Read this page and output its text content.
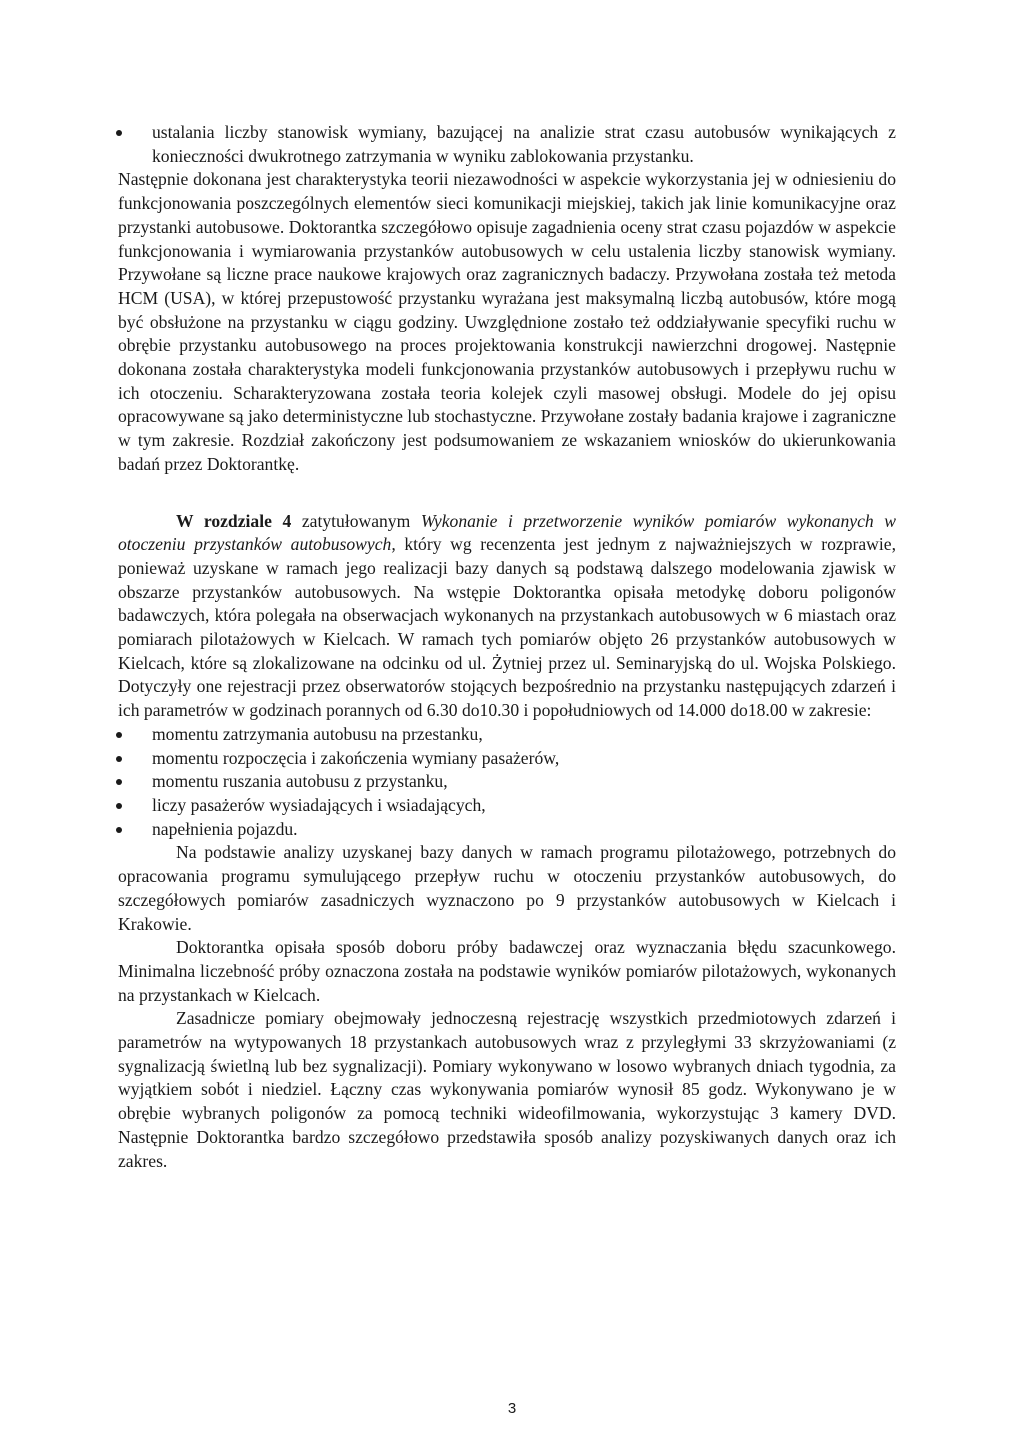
ustalania liczby stanowisk wymiany, bazującej na analizie strat czasu autobusów wynikających z konieczności dwukrotnego zatrzymania w wyniku zablokowania przystanku.

Następnie dokonana jest charakterystyka teorii niezawodności w aspekcie wykorzystania jej w odniesieniu do funkcjonowania poszczególnych elementów sieci komunikacji miejskiej, takich jak linie komunikacyjne oraz przystanki autobusowe. Doktorantka szczegółowo opisuje zagadnienia oceny strat czasu pojazdów w aspekcie funkcjonowania i wymiarowania przystanków autobusowych w celu ustalenia liczby stanowisk wymiany. Przywołane są liczne prace naukowe krajowych oraz zagranicznych badaczy. Przywołana została też metoda HCM (USA), w której przepustowość przystanku wyrażana jest maksymalną liczbą autobusów, które mogą być obsłużone na przystanku w ciągu godziny. Uwzględnione zostało też oddziaływanie specyfiki ruchu w obrębie przystanku autobusowego na proces projektowania konstrukcji nawierzchni drogowej. Następnie dokonana została charakterystyka modeli funkcjonowania przystanków autobusowych i przepływu ruchu w ich otoczeniu. Scharakteryzowana została teoria kolejek czyli masowej obsługi. Modele do jej opisu opracowywane są jako deterministyczne lub stochastyczne. Przywołane zostały badania krajowe i zagraniczne w tym zakresie. Rozdział zakończony jest podsumowaniem ze wskazaniem wniosków do ukierunkowania badań przez Doktorantkę.

W rozdziale 4 zatytułowanym Wykonanie i przetworzenie wyników pomiarów wykonanych w otoczeniu przystanków autobusowych, który wg recenzenta jest jednym z najważniejszych w rozprawie, ponieważ uzyskane w ramach jego realizacji bazy danych są podstawą dalszego modelowania zjawisk w obszarze przystanków autobusowych. Na wstępie Doktorantka opisała metodykę doboru poligonów badawczych, która polegała na obserwacjach wykonanych na przystankach autobusowych w 6 miastach oraz pomiarach pilotażowych w Kielcach. W ramach tych pomiarów objęto 26 przystanków autobusowych w Kielcach, które są zlokalizowane na odcinku od ul. Żytniej przez ul. Seminaryjską do ul. Wojska Polskiego. Dotyczyły one rejestracji przez obserwatorów stojących bezpośrednio na przystanku następujących zdarzeń i ich parametrów w godzinach porannych od 6.30 do10.30 i popołudniowych od 14.000 do18.00 w zakresie:

momentu zatrzymania autobusu na przestanku,
momentu rozpoczęcia i zakończenia wymiany pasażerów,
momentu ruszania autobusu z przystanku,
liczy pasażerów wysiadających i wsiadających,
napełnienia pojazdu.

Na podstawie analizy uzyskanej bazy danych w ramach programu pilotażowego, potrzebnych do opracowania programu symulującego przepływ ruchu w otoczeniu przystanków autobusowych, do szczegółowych pomiarów zasadniczych wyznaczono po 9 przystanków autobusowych w Kielcach i Krakowie.

Doktorantka opisała sposób doboru próby badawczej oraz wyznaczania błędu szacunkowego. Minimalna liczebność próby oznaczona została na podstawie wyników pomiarów pilotażowych, wykonanych na przystankach w Kielcach.

Zasadnicze pomiary obejmowały jednoczesną rejestrację wszystkich przedmiotowych zdarzeń i parametrów na wytypowanych 18 przystankach autobusowych wraz z przyległymi 33 skrzyżowaniami (z sygnalizacją świetlną lub bez sygnalizacji). Pomiary wykonywano w losowo wybranych dniach tygodnia, za wyjątkiem sobót i niedziel. Łączny czas wykonywania pomiarów wynosił 85 godz. Wykonywano je w obrębie wybranych poligonów za pomocą techniki wideofilmowania, wykorzystując 3 kamery DVD. Następnie Doktorantka bardzo szczegółowo przedstawiła sposób analizy pozyskiwanych danych oraz ich zakres.

3
